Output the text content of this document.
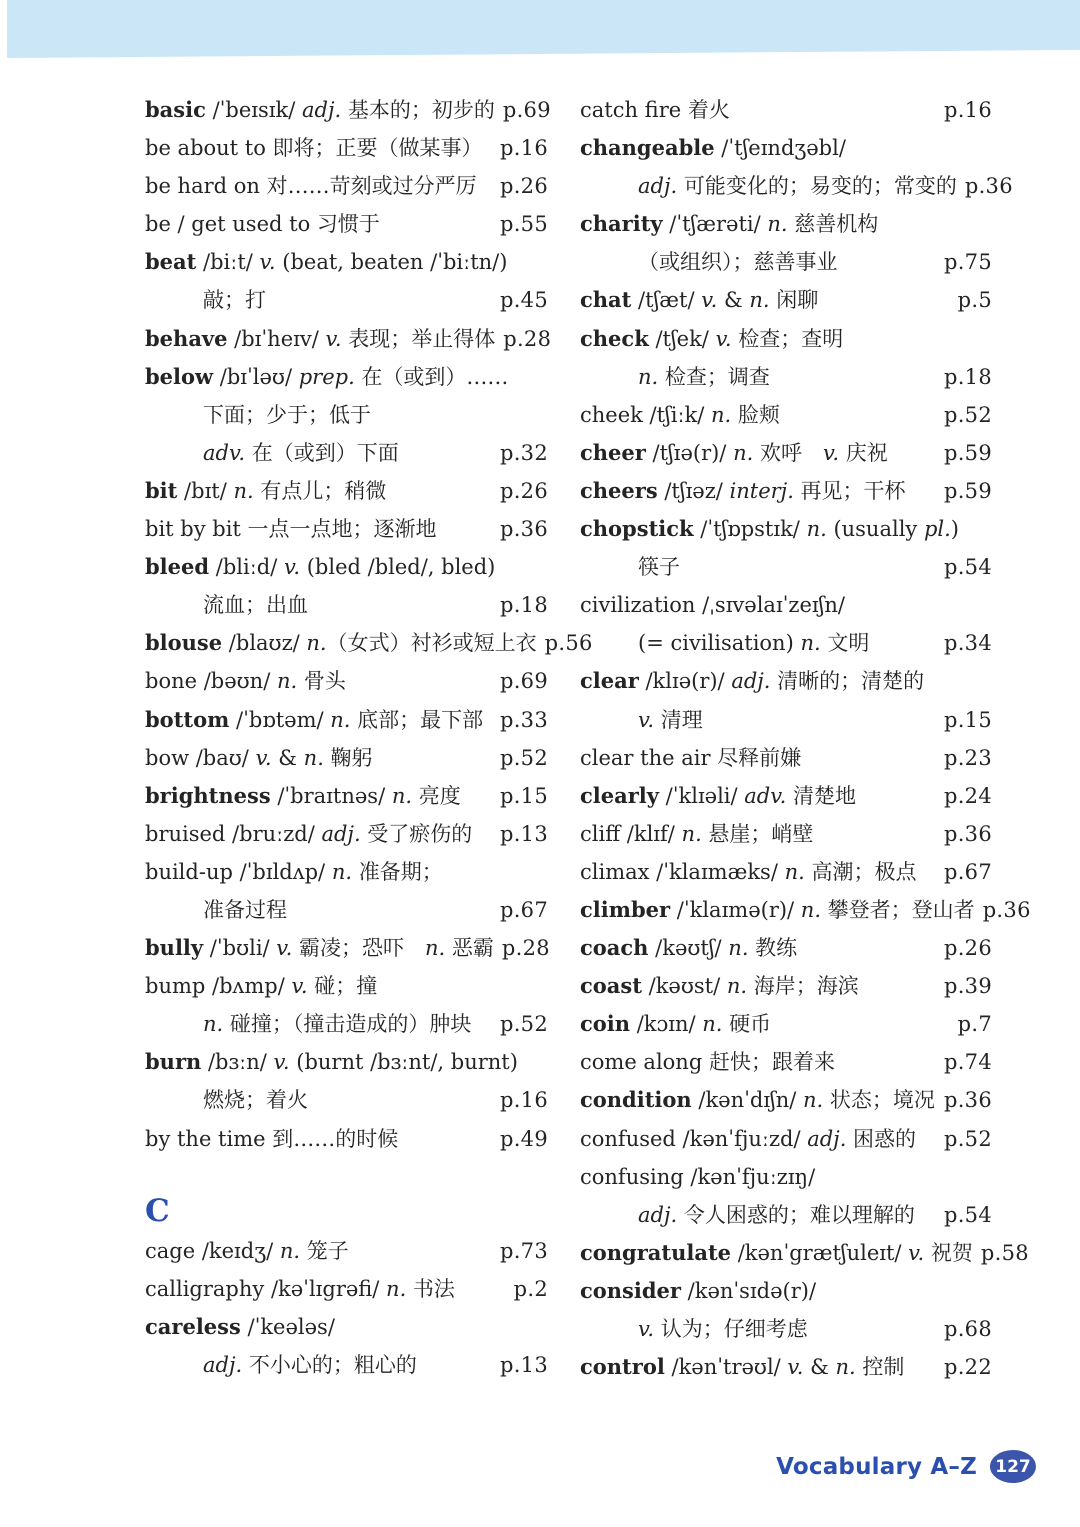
basic /ˈbeɪsɪk/ adj. 基本的；初步的 p.69
be about to 即将；正要（做某事） p.16
be hard on 对……苛刻或过分严厉 p.26
be / get used to 习惯于	p.55
beat /biːt/ v. (beat, beaten /ˈbiːtn/)
敲；打	p.45
behave /bɪˈheɪv/ v. 表现；举止得体 p.28
below /bɪˈləʊ/ prep. 在（或到）……
下面；少于；低于
adv. 在（或到）下面	p.32
bit /bɪt/ n. 有点儿；稍微	p.26
bit by bit 一点一点地；逐渐地	p.36
bleed /bliːd/ v. (bled /bled/, bled)
流血；出血	p.18
blouse /blaʊz/ n.（女式）衬衫或短上衣 p.56
bone /bəʊn/ n. 骨头	p.69
bottom /ˈbɒtəm/ n. 底部；最下部 p.33
bow /baʊ/ v. & n. 鞠躬	p.52
brightness /ˈbraɪtnəs/ n. 亮度 p.15
bruised /bruːzd/ adj. 受了瘀伤的 p.13
build-up /ˈbɪldʌp/ n. 准备期；
准备过程	p.67
bully /ˈbʊli/ v. 霸凌；恐吓　n. 恶霸 p.28
bump /bʌmp/ v. 碰；撞
n. 碰撞；（撞击造成的）肿块 p.52
burn /bɜːn/ v. (burnt /bɜːnt/, burnt)
燃烧；着火	p.16
by the time 到……的时候	p.49
C
cage /keɪdʒ/ n. 笼子	p.73
calligraphy /kəˈlɪgrəfi/ n. 书法	p.2
careless /ˈkeələs/
adj. 不小心的；粗心的	p.13
catch fire 着火	p.16
changeable /ˈtʃeɪndʒəbl/
adj. 可能变化的；易变的；常变的 p.36
charity /ˈtʃærəti/ n. 慈善机构
（或组织）；慈善事业	p.75
chat /tʃæt/ v. & n. 闲聊	p.5
check /tʃek/ v. 检查；查明
n. 检查；调查	p.18
cheek /tʃiːk/ n. 脸颊	p.52
cheer /tʃɪə(r)/ n. 欢呼　v. 庆祝	p.59
cheers /tʃɪəz/ interj. 再见；干杯 p.59
chopstick /ˈtʃɒpstɪk/ n. (usually pl.)
筷子	p.54
civilization /ˌsɪvəlaɪˈzeɪʃn/
(= civilisation) n. 文明	p.34
clear /klɪə(r)/ adj. 清晰的；清楚的
v. 清理	p.15
clear the air 尽释前嫌	p.23
clearly /ˈklɪəli/ adv. 清楚地	p.24
cliff /klɪf/ n. 悬崖；峭壁	p.36
climax /ˈklaɪmæks/ n. 高潮；极点 p.67
climber /ˈklaɪmə(r)/ n. 攀登者；登山者 p.36
coach /kəʊtʃ/ n. 教练	p.26
coast /kəʊst/ n. 海岸；海滨	p.39
coin /kɔɪn/ n. 硬币	p.7
come along 赶快；跟着来	p.74
condition /kənˈdɪʃn/ n. 状态；境况 p.36
confused /kənˈfjuːzd/ adj. 困惑的 p.52
confusing /kənˈfjuːzɪŋ/
adj. 令人困惑的；难以理解的 p.54
congratulate /kənˈgrætʃuleɪt/ v. 祝贺 p.58
consider /kənˈsɪdə(r)/
v. 认为；仔细考虑	p.68
control /kənˈtrəʊl/ v. & n. 控制 p.22
Vocabulary A–Z	127
